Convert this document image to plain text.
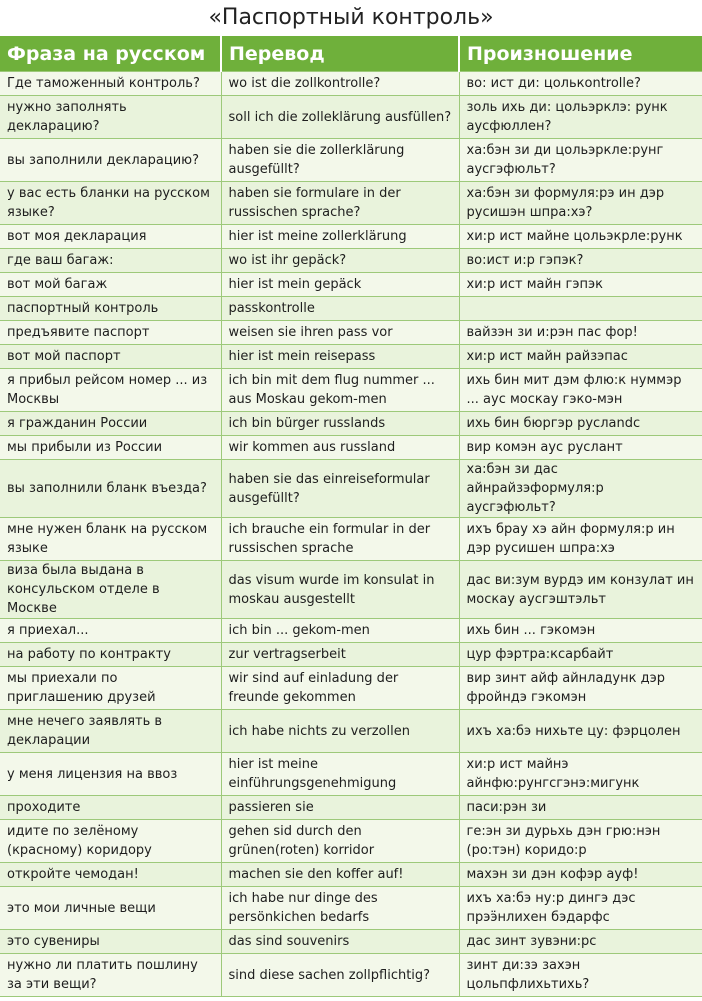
«Паспортный контроль»
Фраза на русском	Перевод	Произношение
Где таможенный контроль?	wo ist die zollkontrolle?	во: ист ди: цолькontrolle?
нужно заполнять декларацию?	soll ich die zolleklärung ausfüllen?	золь ихь ди: цольэрклэ: рунк аусфюллен?
вы заполнили декларацию?	haben sie die zollerklärung ausgefüllt?	ха:бэн зи ди цольэркле:рунг аусгэфюльт?
у вас есть бланки на русском языке?	haben sie formulare in der russischen sprache?	ха:бэн зи формуля:рэ ин дэр русишэн шпра:хэ?
вот моя декларация	hier ist meine zollerklärung	хи:р ист майне цольэкрле:рунк
где ваш багаж:	wo ist ihr gepäck?	во:ист и:р гэпэк?
вот мой багаж	hier ist mein gepäck	хи:р ист майн гэпэк
паспортный контроль	passkontrolle	
предъявите паспорт	weisen sie ihren pass vor	вайзэн зи и:рэн пас фор!
вот мой паспорт	hier ist mein reisepass	хи:р ист майн райзэпас
я прибыл рейсом номер ... из Москвы	ich bin mit dem flug nummer ... aus Moskau gekom-men	ихь бин мит дэм флю:к нуммэр ... аус москау гэко-мэн
я гражданин России	ich bin bürger russlands	ихь бин бюргэр руслandс
мы прибыли из России	wir kommen aus russland	вир комэн аус руслант
вы заполнили бланк въезда?	haben sie das einreiseformular ausgefüllt?	ха:бэн зи дас айнрайзэформуля:р аусгэфюльт?
мне нужен бланк на русском языке	ich brauche ein formular in der russischen sprache	ихъ брау хэ айн формуля:р ин дэр русишен шпра:хэ
виза была выдана в консульском отделе в Москве	das visum wurde im konsulat in moskau ausgestellt	дас ви:зум вурдэ им конзулат ин москау аусгэштэльт
я приехал...	ich bin ... gekom-men	ихь бин ... гэкомэн
на работу по контракту	zur vertragserbeit	цур фэртра:ксарбайт
мы приехали по приглашению друзей	wir sind auf einladung der freunde gekommen	вир зинт айф айнладунк дэр фройндэ гэкомэн
мне нечего заявлять в декларации	ich habe nichts zu verzollen	ихъ ха:бэ нихьтe цу: фэрцолен
у меня лицензия на ввоз	hier ist meine einführungsgenehmigung	хи:р ист майнэ айнфю:рунгсгэнэ:мигунк
проходите	passieren sie	паси:рэн зи
идите по зелёному (красному) коридору	gehen sid durch den grünen(roten) korridor	ге:эн зи дурьхь дэн грю:нэн (ро:тэн) коридо:р
откройте чемодан!	machen sie den koffer auf!	махэн зи дэн кофэр ауф!
это мои личные вещи	ich habe nur dinge des persönkichen bedarfs	ихъ ха:бэ ну:р дингэ дэс прэӭнлихен бэдарфс
это сувениры	das sind souvenirs	дас зинт зувэни:рс
нужно ли платить пошлину за эти вещи?	sind diese sachen zollpflichtig?	зинт ди:зэ захэн цольпфлихьтихь?
